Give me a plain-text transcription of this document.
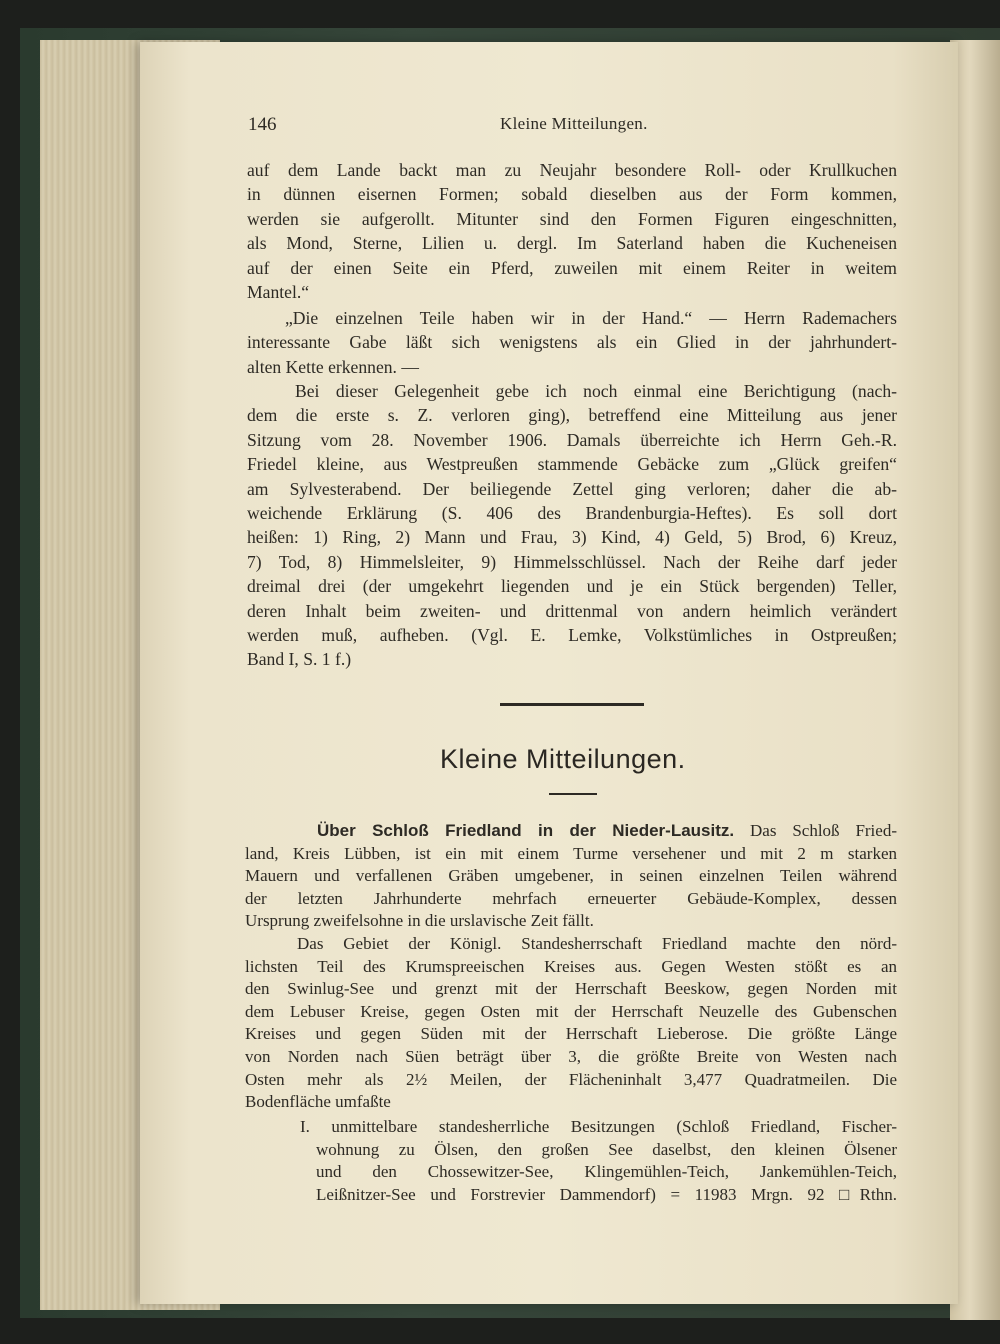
146	Kleine Mitteilungen.
auf dem Lande backt man zu Neujahr besondere Roll- oder Krullkuchen
in dünnen eisernen Formen; sobald dieselben aus der Form kommen,
werden sie aufgerollt. Mitunter sind den Formen Figuren eingeschnitten,
als Mond, Sterne, Lilien u. dergl. Im Saterland haben die Kucheneisen
auf der einen Seite ein Pferd, zuweilen mit einem Reiter in weitem
Mantel.“
„Die einzelnen Teile haben wir in der Hand.“ — Herrn Rademachers
interessante Gabe läßt sich wenigstens als ein Glied in der jahrhundert-
alten Kette erkennen. —
Bei dieser Gelegenheit gebe ich noch einmal eine Berichtigung (nach-
dem die erste s. Z. verloren ging), betreffend eine Mitteilung aus jener
Sitzung vom 28. November 1906. Damals überreichte ich Herrn Geh.-R.
Friedel kleine, aus Westpreußen stammende Gebäcke zum „Glück greifen“
am Sylvesterabend. Der beiliegende Zettel ging verloren; daher die ab-
weichende Erklärung (S. 406 des Brandenburgia-Heftes). Es soll dort
heißen: 1) Ring, 2) Mann und Frau, 3) Kind, 4) Geld, 5) Brod, 6) Kreuz,
7) Tod, 8) Himmelsleiter, 9) Himmelsschlüssel. Nach der Reihe darf jeder
dreimal drei (der umgekehrt liegenden und je ein Stück bergenden) Teller,
deren Inhalt beim zweiten- und drittenmal von andern heimlich verändert
werden muß, aufheben. (Vgl. E. Lemke, Volkstümliches in Ostpreußen;
Band I, S. 1 f.)
Kleine Mitteilungen.
Über Schloß Friedland in der Nieder-Lausitz. Das Schloß Fried-
land, Kreis Lübben, ist ein mit einem Turme versehener und mit 2 m starken
Mauern und verfallenen Gräben umgebener, in seinen einzelnen Teilen während
der letzten Jahrhunderte mehrfach erneuerter Gebäude-Komplex, dessen
Ursprung zweifelsohne in die urslavische Zeit fällt.
Das Gebiet der Königl. Standesherrschaft Friedland machte den nörd-
lichsten Teil des Krumspreeischen Kreises aus. Gegen Westen stößt es an
den Swinlug-See und grenzt mit der Herrschaft Beeskow, gegen Norden mit
dem Lebuser Kreise, gegen Osten mit der Herrschaft Neuzelle des Gubenschen
Kreises und gegen Süden mit der Herrschaft Lieberose. Die größte Länge
von Norden nach Süen beträgt über 3, die größte Breite von Westen nach
Osten mehr als 2½ Meilen, der Flächeninhalt 3,477 Quadratmeilen. Die
Bodenfläche umfaßte
I. unmittelbare standesherrliche Besitzungen (Schloß Friedland, Fischer-
wohnung zu Ölsen, den großen See daselbst, den kleinen Ölsener
und den Chossewitzer-See, Klingemühlen-Teich, Jankemühlen-Teich,
Leißnitzer-See und Forstrevier Dammendorf) = 11983 Mrgn. 92 □Rthn.
